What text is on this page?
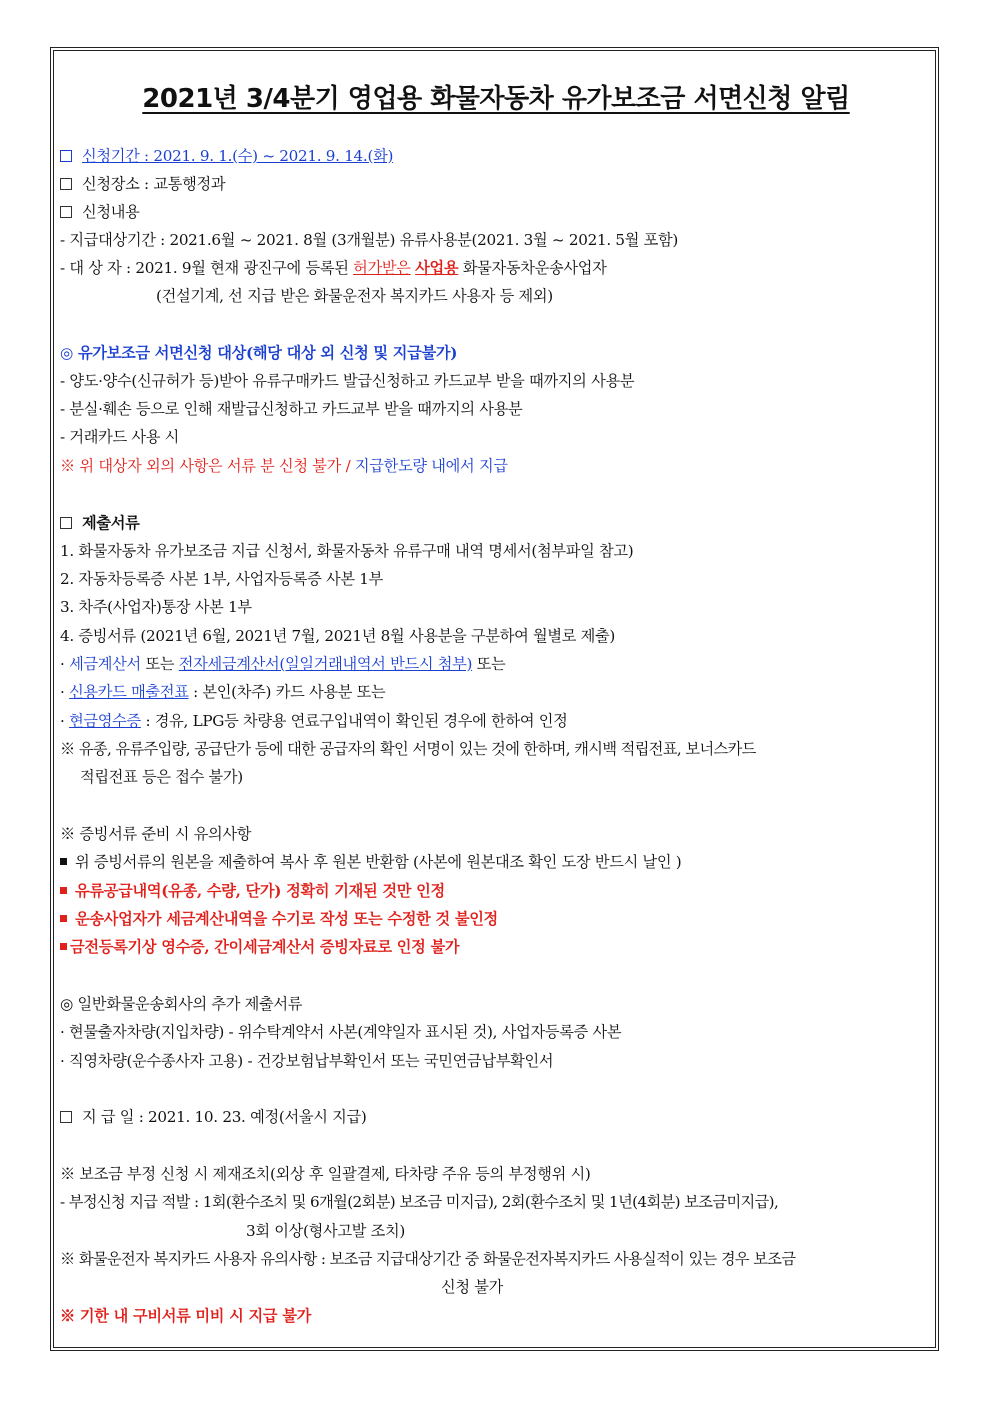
2021년 3/4분기 영업용 화물자동차 유가보조금 서면신청 알림
신청기간 : 2021. 9. 1.(수) ~ 2021. 9. 14.(화)
신청장소 : 교통행정과
신청내용
- 지급대상기간 : 2021.6월 ~ 2021. 8월 (3개월분) 유류사용분(2021. 3월 ~ 2021. 5월 포함)
- 대 상 자 : 2021. 9월 현재 광진구에 등록된 허가받은 사업용 화물자동차운송사업자
(건설기계, 선 지급 받은 화물운전자 복지카드 사용자 등 제외)
◎ 유가보조금 서면신청 대상(해당 대상 외 신청 및 지급불가)
- 양도·양수(신규허가 등)받아 유류구매카드 발급신청하고 카드교부 받을 때까지의 사용분
- 분실·훼손 등으로 인해 재발급신청하고 카드교부 받을 때까지의 사용분
- 거래카드 사용 시
※ 위 대상자 외의 사항은 서류 분 신청 불가 / 지급한도량 내에서 지급
제출서류
1. 화물자동차 유가보조금 지급 신청서, 화물자동차 유류구매 내역 명세서(첨부파일 참고)
2. 자동차등록증 사본 1부, 사업자등록증 사본 1부
3. 차주(사업자)통장 사본 1부
4. 증빙서류 (2021년 6월, 2021년 7월, 2021년 8월 사용분을 구분하여 월별로 제출)
· 세금계산서 또는 전자세금계산서(일일거래내역서 반드시 첨부) 또는
· 신용카드 매출전표 : 본인(차주) 카드 사용분 또는
· 현금영수증 : 경유, LPG등 차량용 연료구입내역이 확인된 경우에 한하여 인정
※ 유종, 유류주입량, 공급단가 등에 대한 공급자의 확인 서명이 있는 것에 한하며, 캐시백 적립전표, 보너스카드
적립전표 등은 접수 불가)
※ 증빙서류 준비 시 유의사항
위 증빙서류의 원본을 제출하여 복사 후 원본 반환함 (사본에 원본대조 확인 도장 반드시 날인 )
유류공급내역(유종, 수량, 단가) 정확히 기재된 것만 인정
운송사업자가 세금계산내역을 수기로 작성 또는 수정한 것 불인정
금전등록기상 영수증, 간이세금계산서 증빙자료로 인정 불가
◎ 일반화물운송회사의 추가 제출서류
· 현물출자차량(지입차량) - 위수탁계약서 사본(계약일자 표시된 것), 사업자등록증 사본
· 직영차량(운수종사자 고용) - 건강보험납부확인서 또는 국민연금납부확인서
지 급 일 : 2021. 10. 23. 예정(서울시 지급)
※ 보조금 부정 신청 시 제재조치(외상 후 일괄결제, 타차량 주유 등의 부정행위 시)
- 부정신청 지급 적발 : 1회(환수조치 및 6개월(2회분) 보조금 미지급), 2회(환수조치 및 1년(4회분) 보조금미지급),
3회 이상(형사고발 조치)
※ 화물운전자 복지카드 사용자 유의사항 : 보조금 지급대상기간 중 화물운전자복지카드 사용실적이 있는 경우 보조금
신청 불가
※ 기한 내 구비서류 미비 시 지급 불가
